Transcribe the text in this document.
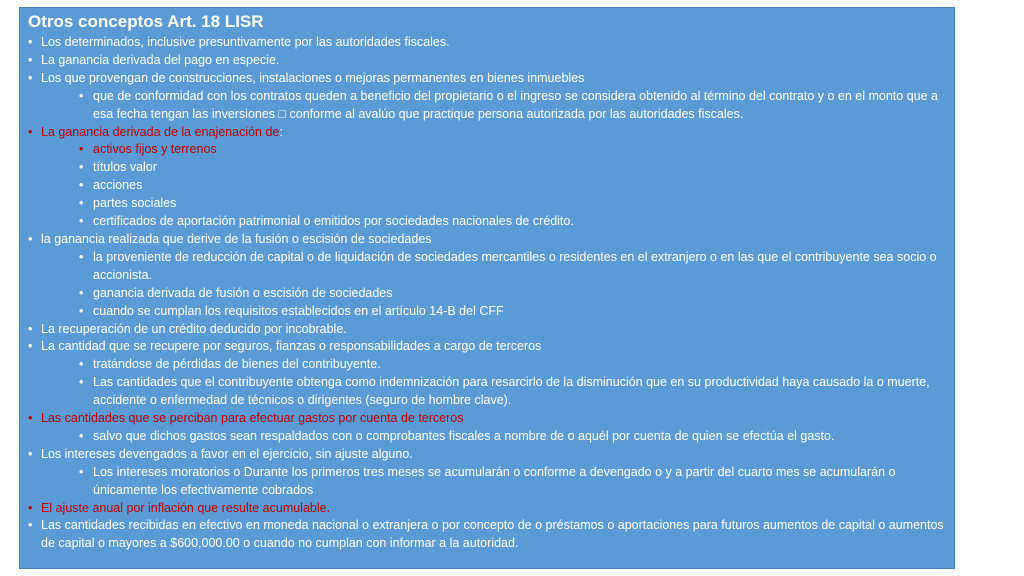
Otros conceptos Art. 18 LISR
• Los determinados, inclusive presuntivamente por las autoridades fiscales.
• La ganancia derivada del pago en especie.
• Los que provengan de construcciones, instalaciones o mejoras permanentes en bienes inmuebles
• que de conformidad con los contratos queden a beneficio del propietario o el ingreso se considera obtenido al término del contrato y o en el monto que a esa fecha tengan las inversiones □ conforme al avalúo que practique persona autorizada por las autoridades fiscales.
• La ganancia derivada de la enajenación de:
• activos fijos y terrenos
• títulos valor
• acciones
• partes sociales
• certificados de aportación patrimonial o emitidos por sociedades nacionales de crédito.
• la ganancia realizada que derive de la fusión o escisión de sociedades
• la proveniente de reducción de capital o de liquidación de sociedades mercantiles o residentes en el extranjero o en las que el contribuyente sea socio o accionista.
• ganancia derivada de fusión o escisión de sociedades
• cuando se cumplan los requisitos establecidos en el artículo 14-B del CFF
• La recuperación de un crédito deducido por incobrable.
• La cantidad que se recupere por seguros, fianzas o responsabilidades a cargo de terceros
• tratándose de pérdidas de bienes del contribuyente.
• Las cantidades que el contribuyente obtenga como indemnización para resarcirlo de la disminución que en su productividad haya causado la o muerte, accidente o enfermedad de técnicos o dirigentes (seguro de hombre clave).
• Las cantidades que se perciban para efectuar gastos por cuenta de terceros
• salvo que dichos gastos sean respaldados con o comprobantes fiscales a nombre de o aquél por cuenta de quien se efectúa el gasto.
• Los intereses devengados a favor en el ejercicio, sin ajuste alguno.
• Los intereses moratorios o Durante los primeros tres meses se acumularán o conforme a devengado o y a partir del cuarto mes se acumularán o únicamente los efectivamente cobrados
• El ajuste anual por inflación que resulte acumulable.
• Las cantidades recibidas en efectivo en moneda nacional o extranjera o por concepto de o préstamos o aportaciones para futuros aumentos de capital o aumentos de capital o mayores a $600,000.00 o cuando no cumplan con informar a la autoridad.
